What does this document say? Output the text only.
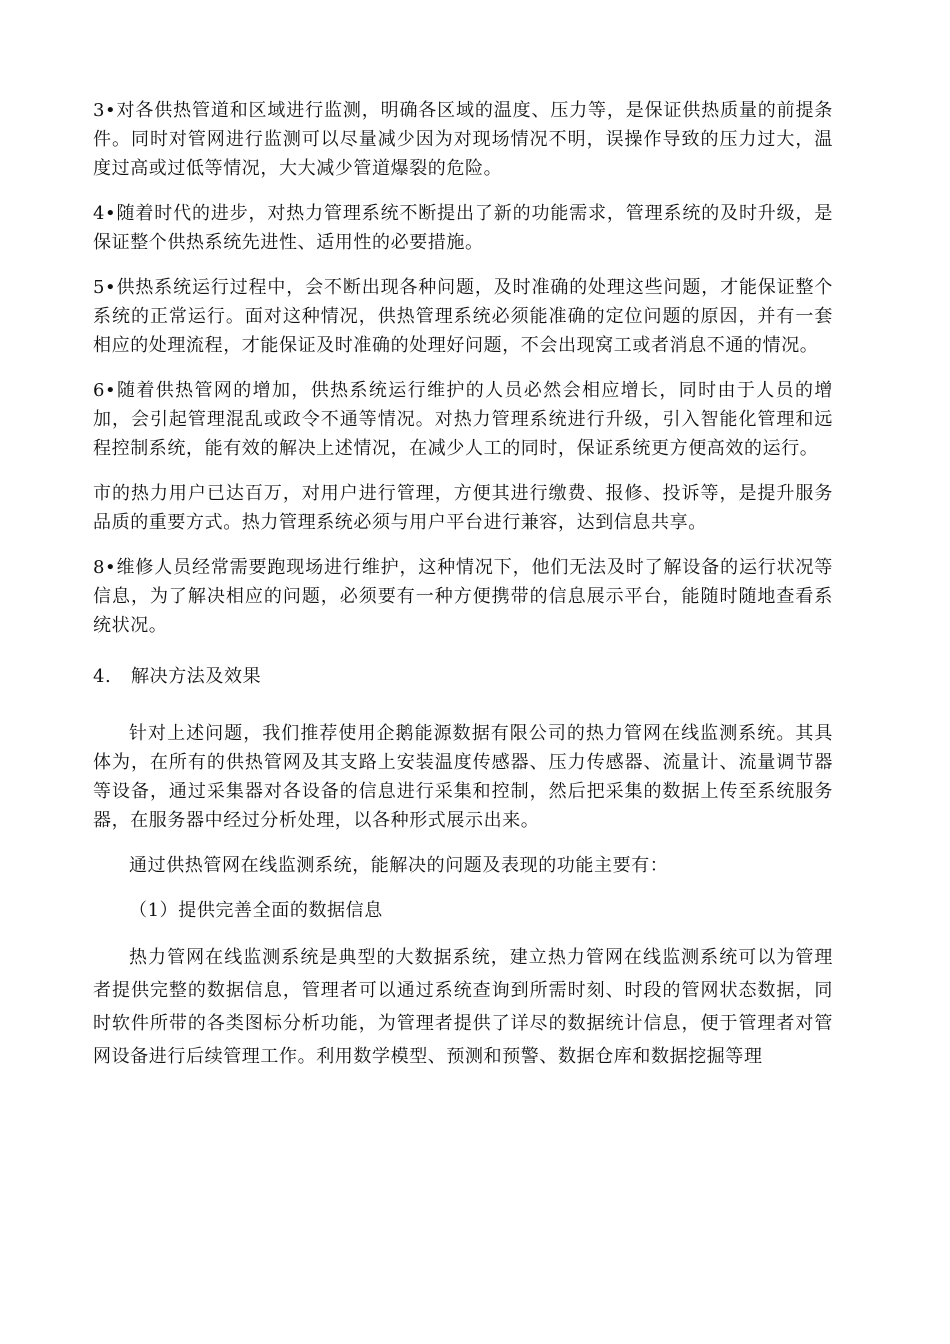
3•对各供热管道和区域进行监测，明确各区域的温度、压力等，是保证供热质量的前提条件。同时对管网进行监测可以尽量减少因为对现场情况不明，误操作导致的压力过大，温度过高或过低等情况，大大减少管道爆裂的危险。

4•随着时代的进步，对热力管理系统不断提出了新的功能需求，管理系统的及时升级，是保证整个供热系统先进性、适用性的必要措施。

5•供热系统运行过程中，会不断出现各种问题，及时准确的处理这些问题，才能保证整个系统的正常运行。面对这种情况，供热管理系统必须能准确的定位问题的原因，并有一套相应的处理流程，才能保证及时准确的处理好问题，不会出现窝工或者消息不通的情况。

6•随着供热管网的增加，供热系统运行维护的人员必然会相应增长，同时由于人员的增加，会引起管理混乱或政令不通等情况。对热力管理系统进行升级，引入智能化管理和远程控制系统，能有效的解决上述情况，在减少人工的同时，保证系统更方便高效的运行。

市的热力用户已达百万，对用户进行管理，方便其进行缴费、报修、投诉等，是提升服务品质的重要方式。热力管理系统必须与用户平台进行兼容，达到信息共享。

8•维修人员经常需要跑现场进行维护，这种情况下，他们无法及时了解设备的运行状况等信息，为了解决相应的问题，必须要有一种方便携带的信息展示平台，能随时随地查看系统状况。

4. 解决方法及效果

针对上述问题，我们推荐使用企鹅能源数据有限公司的热力管网在线监测系统。其具体为，在所有的供热管网及其支路上安装温度传感器、压力传感器、流量计、流量调节器等设备，通过采集器对各设备的信息进行采集和控制，然后把采集的数据上传至系统服务器，在服务器中经过分析处理，以各种形式展示出来。

通过供热管网在线监测系统，能解决的问题及表现的功能主要有：

（1）提供完善全面的数据信息

热力管网在线监测系统是典型的大数据系统，建立热力管网在线监测系统可以为管理者提供完整的数据信息，管理者可以通过系统查询到所需时刻、时段的管网状态数据，同时软件所带的各类图标分析功能，为管理者提供了详尽的数据统计信息，便于管理者对管网设备进行后续管理工作。利用数学模型、预测和预警、数据仓库和数据挖掘等理
